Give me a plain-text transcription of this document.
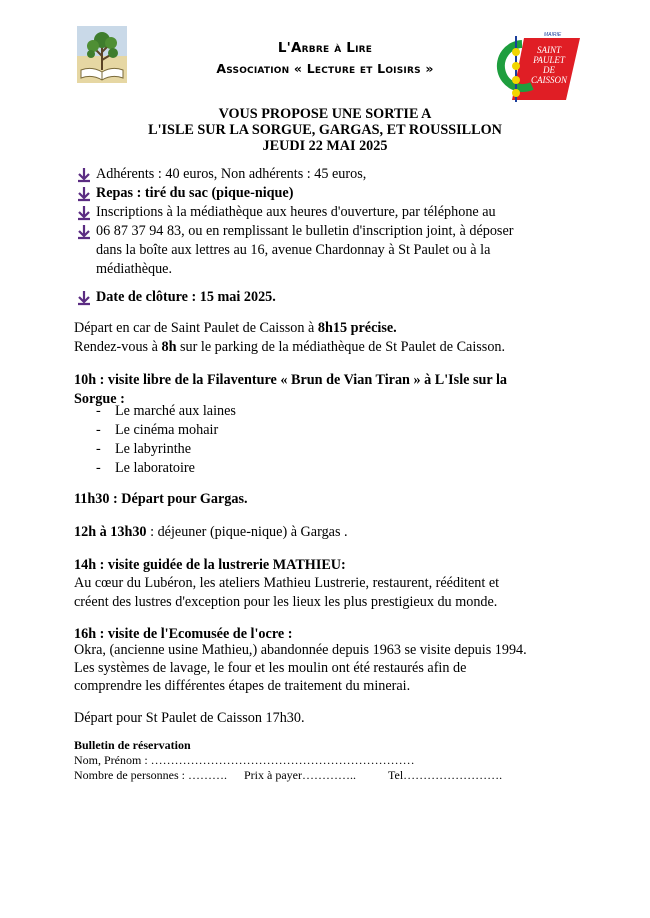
MAIRIE
SAINT
PAULET
DE
CAISSON
L'Arbre à Lire
Association « Lecture et Loisirs »
VOUS PROPOSE UNE SORTIE A
L'ISLE SUR LA SORGUE, GARGAS, ET ROUSSILLON
JEUDI 22 MAI 2025
Adhérents : 40 euros, Non adhérents : 45 euros,
Repas : tiré du sac (pique-nique)
Inscriptions à la médiathèque aux heures d'ouverture, par téléphone au
06 87 37 94 83, ou en remplissant le bulletin d'inscription joint, à déposer
dans la boîte aux lettres au 16, avenue Chardonnay à St Paulet ou à la
médiathèque.
Date de clôture : 15 mai 2025.
Départ en car de Saint Paulet de Caisson à 8h15 précise.
Rendez-vous à 8h sur le parking de la médiathèque de St Paulet de Caisson.
10h : visite libre de la Filaventure « Brun de Vian Tiran » à L'Isle sur la
Sorgue :
- Le marché aux laines
- Le cinéma mohair
- Le labyrinthe
- Le laboratoire
11h30 : Départ pour Gargas.
12h à 13h30 : déjeuner (pique-nique) à Gargas .
14h : visite guidée de la lustrerie MATHIEU:
Au cœur du Lubéron, les ateliers Mathieu Lustrerie, restaurent, rééditent et
créent des lustres d'exception pour les lieux les plus prestigieux du monde.
16h : visite de l'Ecomusée de l'ocre :
Okra, (ancienne usine Mathieu,) abandonnée depuis 1963 se visite depuis 1994.
Les systèmes de lavage, le four et les moulin ont été restaurés afin de
comprendre les différentes étapes de traitement du minerai.
Départ pour St Paulet de Caisson 17h30.
Bulletin de réservation
Nom, Prénom : …………………………………………………………
Nombre de personnes : ………. Prix à payer…………..	Tel…………………….
